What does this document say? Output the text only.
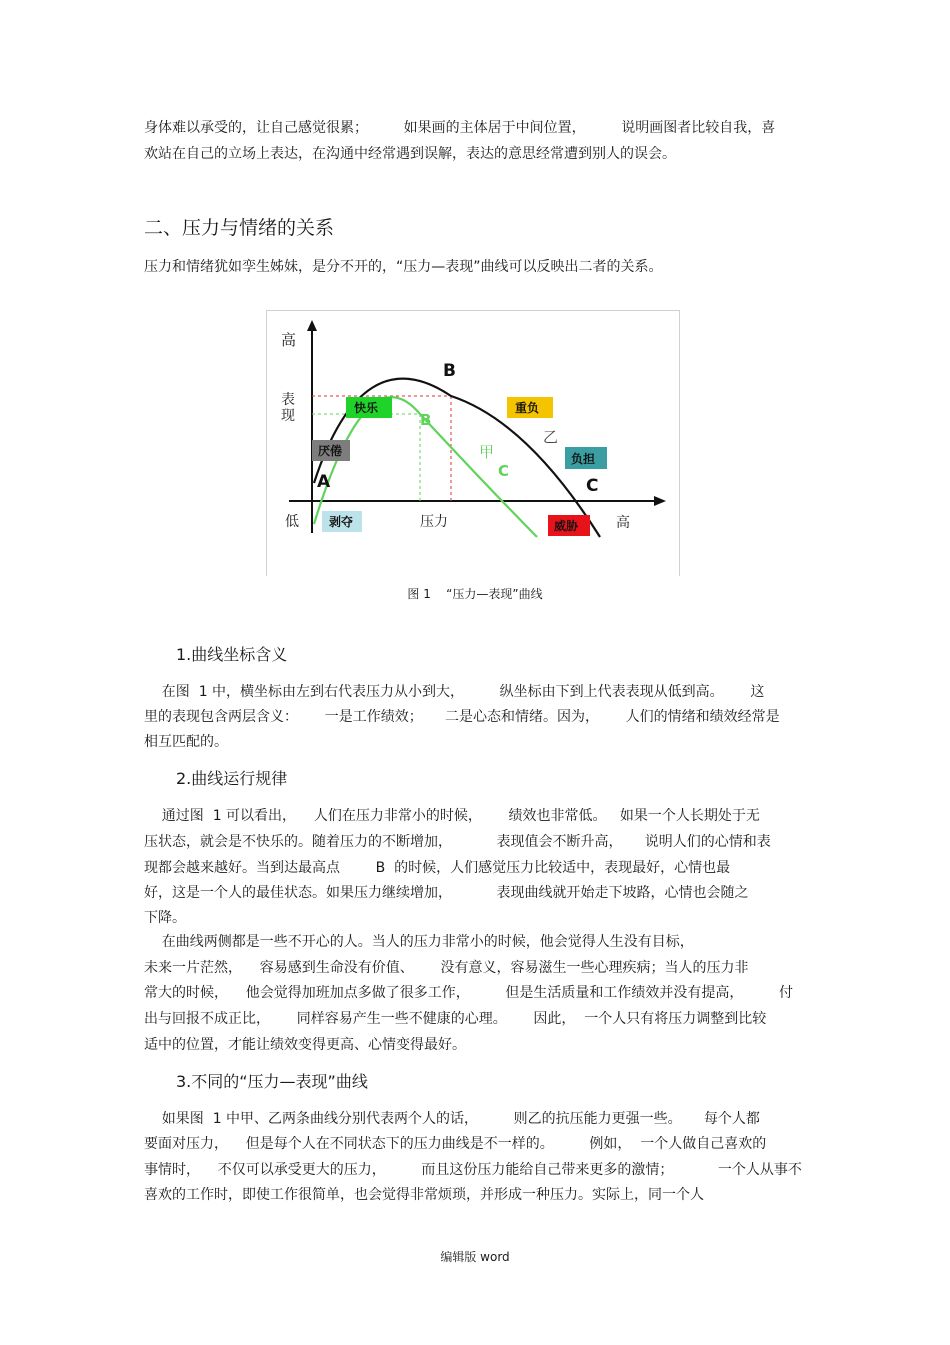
身体难以承受的，让自己感觉很累；        如果画的主体居于中间位置，        说明画图者比较自我，喜

欢站在自己的立场上表达，在沟通中经常遇到误解，表达的意思经常遭到别人的误会。

二、压力与情绪的关系

压力和情绪犹如孪生姊妹，是分不开的，“压力—表现”曲线可以反映出二者的关系。

高
表
现
低	压力	高
A
B
C
B
C
甲
乙
快乐	重负
厌倦
负担
剥夺	威胁
图 1    “压力—表现”曲线
1.曲线坐标含义

在图  1 中，横坐标由左到右代表压力从小到大，        纵坐标由下到上代表表现从低到高。      这

里的表现包含两层含义：      一是工作绩效；     二是心态和情绪。因为，      人们的情绪和绩效经常是

相互匹配的。

2.曲线运行规律

通过图  1 可以看出，    人们在压力非常小的时候，      绩效也非常低。   如果一个人长期处于无

压状态，就会是不快乐的。随着压力的不断增加，          表现值会不断升高，     说明人们的心情和表

现都会越来越好。当到达最高点        B  的时候，人们感觉压力比较适中，表现最好，心情也最

好，这是一个人的最佳状态。如果压力继续增加，          表现曲线就开始走下坡路，心情也会随之

下降。

在曲线两侧都是一些不开心的人。当人的压力非常小的时候，他会觉得人生没有目标，

未来一片茫然，    容易感到生命没有价值、      没有意义，容易滋生一些心理疾病；当人的压力非

常大的时候，    他会觉得加班加点多做了很多工作，        但是生活质量和工作绩效并没有提高，        付

出与回报不成正比，      同样容易产生一些不健康的心理。      因此，  一个人只有将压力调整到比较

适中的位置，才能让绩效变得更高、心情变得最好。

3.不同的“压力—表现”曲线

如果图  1 中甲、乙两条曲线分别代表两个人的话，        则乙的抗压能力更强一些。     每个人都

要面对压力，    但是每个人在不同状态下的压力曲线是不一样的。        例如，  一个人做自己喜欢的

事情时，    不仅可以承受更大的压力，        而且这份压力能给自己带来更多的激情；          一个人从事不

喜欢的工作时，即使工作很简单，也会觉得非常烦琐，并形成一种压力。实际上，同一个人

编辑版 word
